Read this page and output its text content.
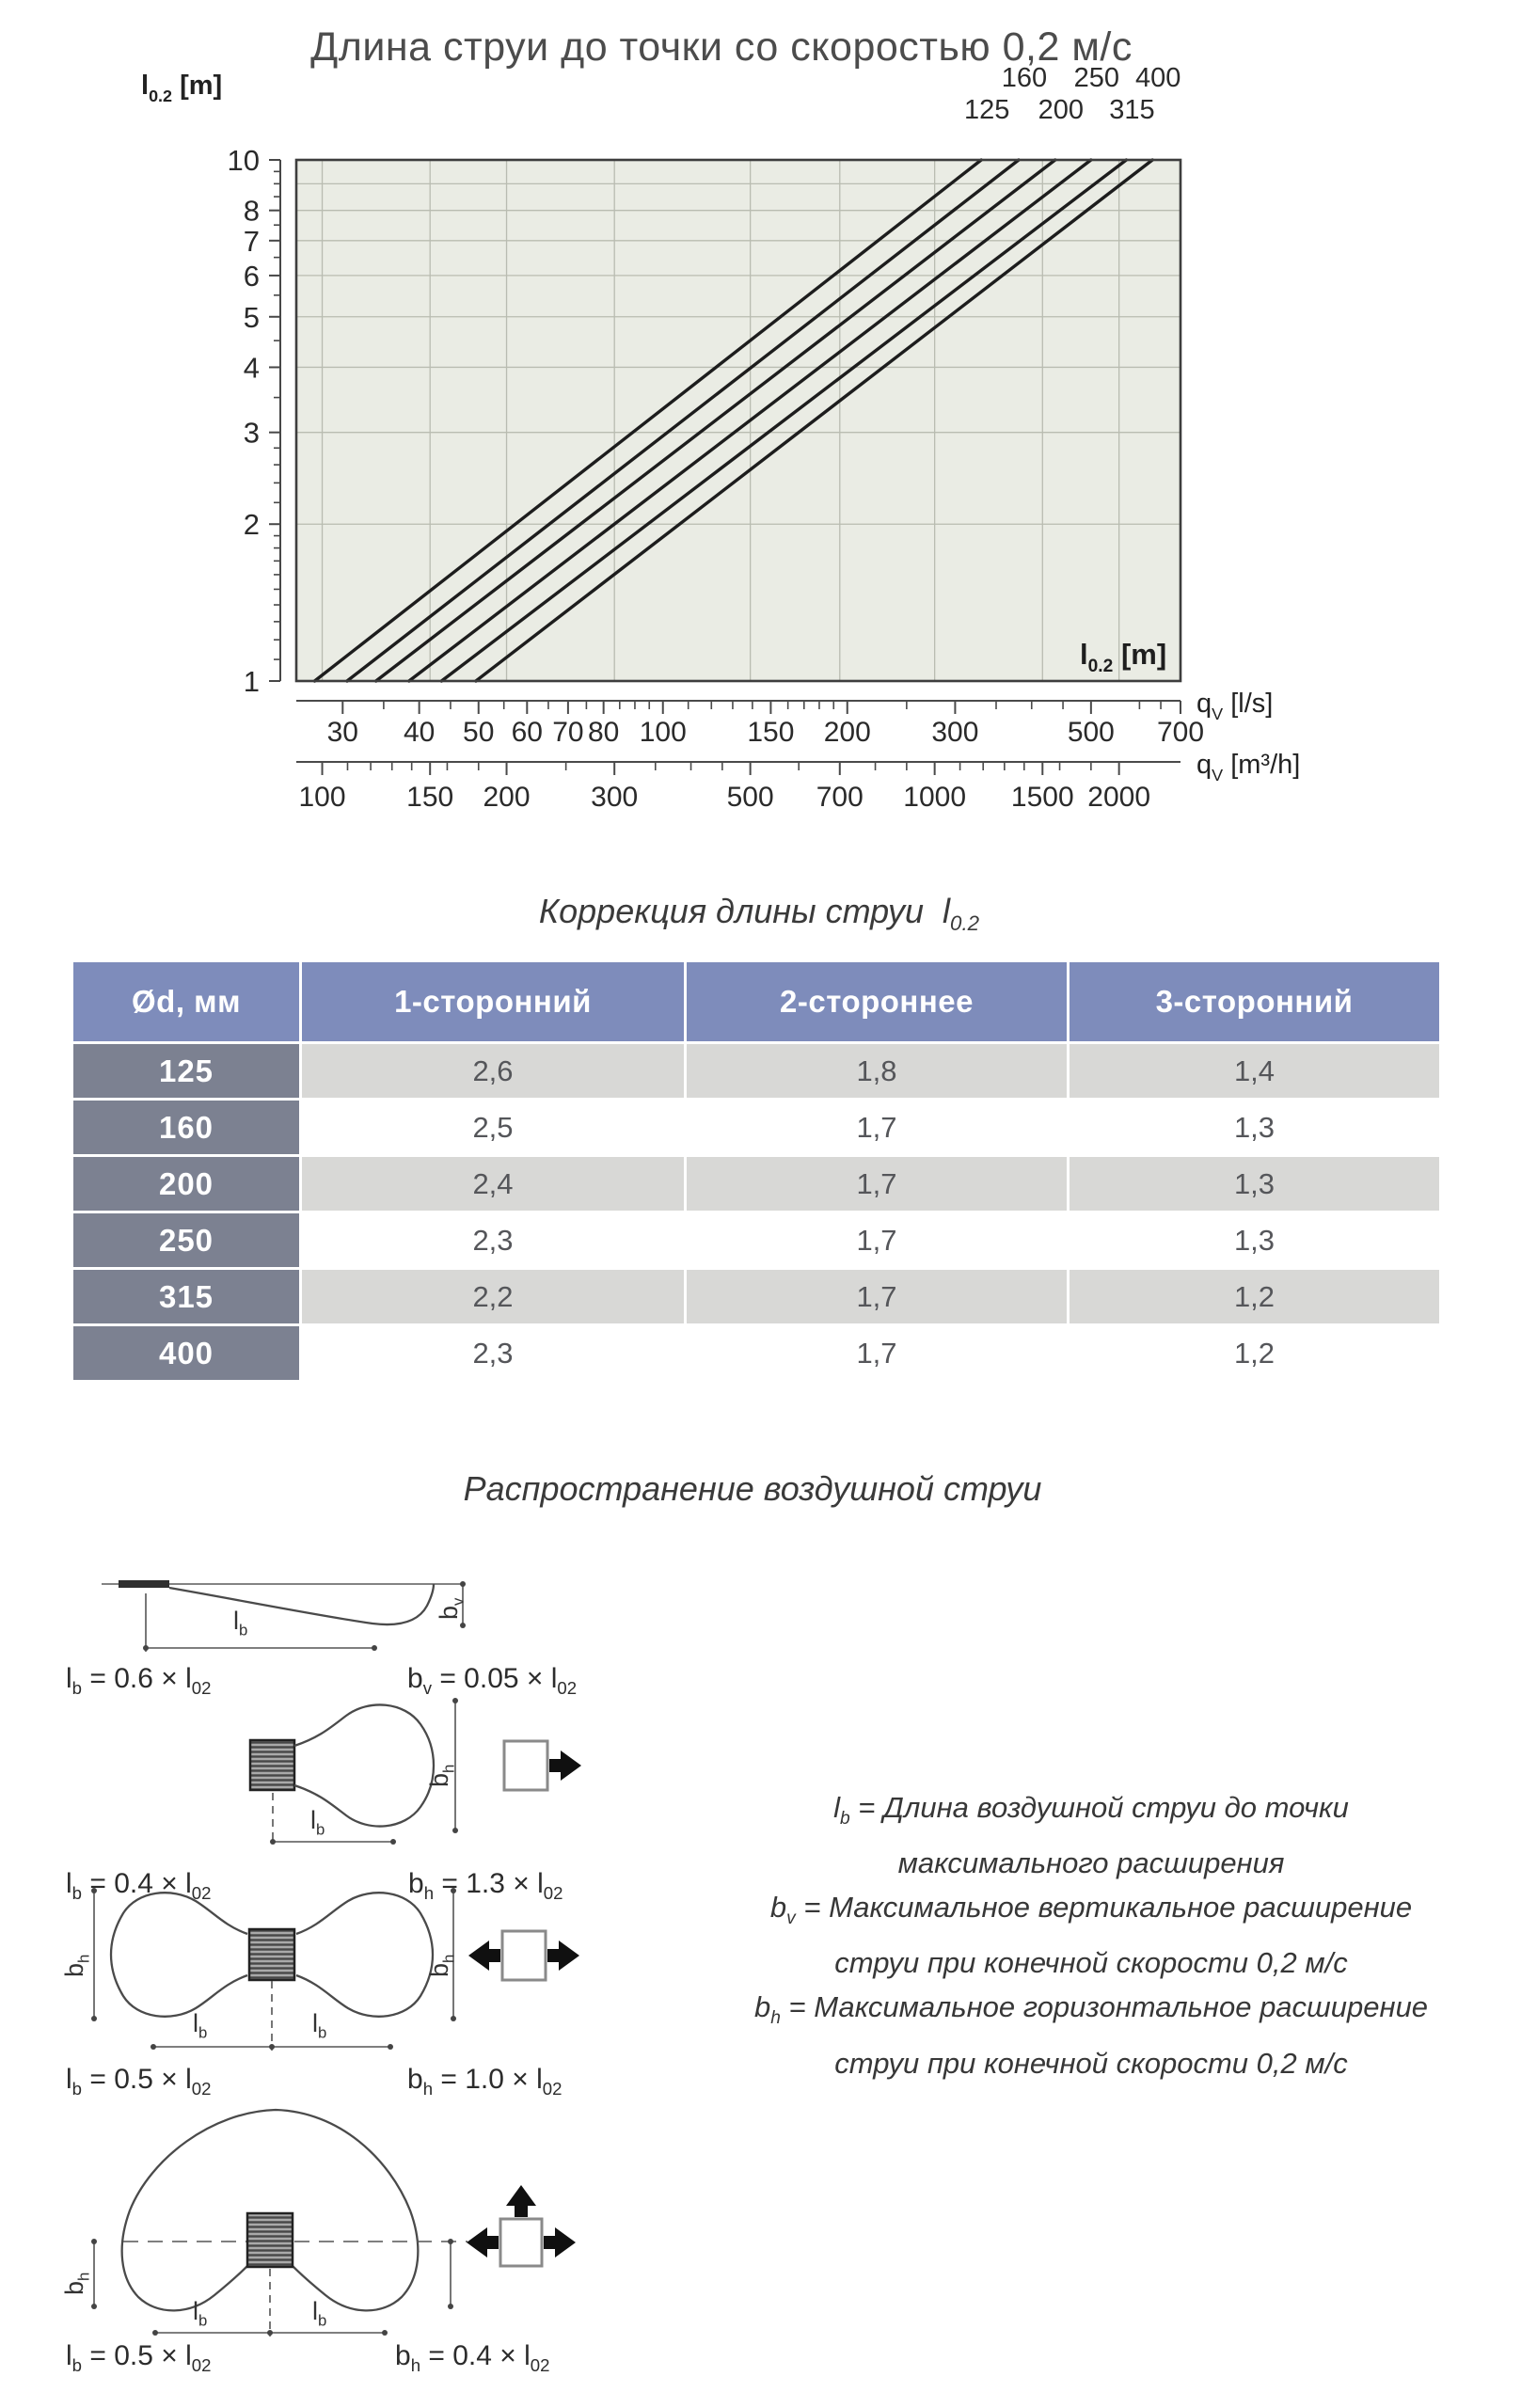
Длина струи до точки со скоростью 0,2 м/с
125
160
200
250
315
400
1
2
3
4
5
6
7
8
10
$l_{0.2}$ [m]
$l_{0.2}$ [m]
30 40 50 60 70 80 100 150 200 300	500 700
$q_V$ [l/s]
100 150 200 300	500 700 1000 1500 2000
$q_V$ [m³/h]
Коррекция длины струи $l_{0.2}$
Ød, мм	1-сторонний	2-стороннее	3-сторонний
125	2,6	1,8	1,4
160	2,5	1,7	1,3
200	2,4	1,7	1,3
250	2,3	1,7	1,3
315	2,2	1,7	1,2
400	2,3	1,7	1,2
Распространение воздушной струи
$l_b$
$b_v$
$b_h$
$l_b$
$b_h$
$b_h$
$l_b$	$l_b$
$b_h$
$l_b$	$l_b$
$l_b = 0.6 \times l_{02}$	$b_v = 0.05 \times l_{02}$
$l_b = 0.4 \times l_{02}$	$b_h = 1.3 \times l_{02}$
$l_b = 0.5 \times l_{02}$	$b_h = 1.0 \times l_{02}$
$l_b = 0.5 \times l_{02}$	$b_h = 0.4 \times l_{02}$
$l_b$ = Длина воздушной струи до точки
максимального расширения
$b_v$ = Максимальное вертикальное расширение
струи при конечной скорости 0,2 м/с
$b_h$ = Максимальное горизонтальное расширение
струи при конечной скорости 0,2 м/с
